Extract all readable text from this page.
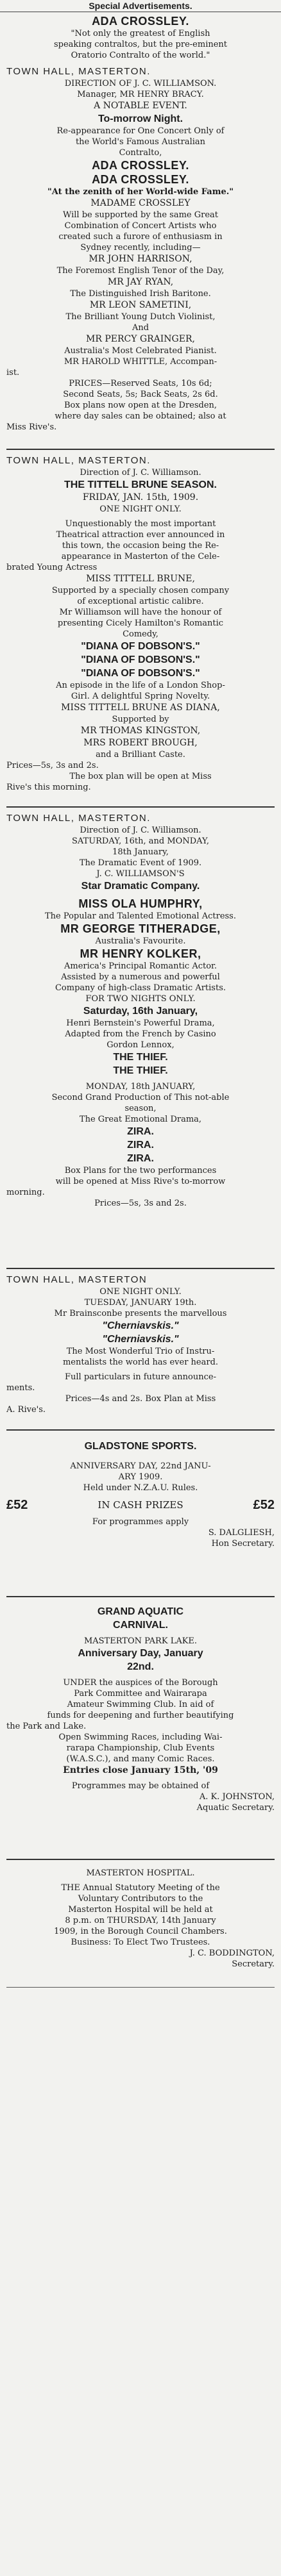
Special Advertisements.

ADA CROSSLEY.

"Not only the greatest of English

speaking contraltos, but the pre-eminent

Oratorio Contralto of the world."

TOWN HALL, MASTERTON.

DIRECTION OF J. C. WILLIAMSON.

Manager, MR HENRY BRACY.

A NOTABLE EVENT.

To-morrow Night.

Re-appearance for One Concert Only of

the World's Famous Australian

Contralto,

ADA CROSSLEY.

ADA CROSSLEY.

"At the zenith of her World-wide Fame."

MADAME CROSSLEY

Will be supported by the same Great

Combination of Concert Artists who

created such a furore of enthusiasm in

Sydney recently, including—

MR JOHN HARRISON,

The Foremost English Tenor of the Day,

MR JAY RYAN,

The Distinguished Irish Baritone.

MR LEON SAMETINI,

The Brilliant Young Dutch Violinist,

And

MR PERCY GRAINGER,

Australia's Most Celebrated Pianist.

MR HAROLD WHITTLE, Accompan-

ist.

PRICES—Reserved Seats, 10s 6d;

Second Seats, 5s; Back Seats, 2s 6d.

Box plans now open at the Dresden,

where day sales can be obtained; also at

Miss Rive's.

TOWN HALL, MASTERTON.

Direction of J. C. Williamson.

THE TITTELL BRUNE SEASON.

FRIDAY, JAN. 15th, 1909.

ONE NIGHT ONLY.

Unquestionably the most important

Theatrical attraction ever announced in

this town, the occasion being the Re-

appearance in Masterton of the Cele-

brated Young Actress

MISS TITTELL BRUNE,

Supported by a specially chosen company

of exceptional artistic calibre.

Mr Williamson will have the honour of

presenting Cicely Hamilton's Romantic

Comedy,

"DIANA OF DOBSON'S."

"DIANA OF DOBSON'S."

"DIANA OF DOBSON'S."

An episode in the life of a London Shop-

Girl. A delightful Spring Novelty.

MISS TITTELL BRUNE AS DIANA,

Supported by

MR THOMAS KINGSTON,

MRS ROBERT BROUGH,

and a Brilliant Caste.

Prices—5s, 3s and 2s.

The box plan will be open at Miss

Rive's this morning.

TOWN HALL, MASTERTON.

Direction of J. C. Williamson.

SATURDAY, 16th, and MONDAY,

18th January,

The Dramatic Event of 1909.

J. C. WILLIAMSON'S

Star Dramatic Company.

MISS OLA HUMPHRY,

The Popular and Talented Emotional Actress.

MR GEORGE TITHERADGE,

Australia's Favourite.

MR HENRY KOLKER,

America's Principal Romantic Actor.

Assisted by a numerous and powerful

Company of high-class Dramatic Artists.

FOR TWO NIGHTS ONLY.

Saturday, 16th January,

Henri Bernstein's Powerful Drama,

Adapted from the French by Casino

Gordon Lennox,

THE THIEF.

THE THIEF.

MONDAY, 18th JANUARY,

Second Grand Production of This not-able

season,

The Great Emotional Drama,

ZIRA.

ZIRA.

ZIRA.

Box Plans for the two performances

will be opened at Miss Rive's to-morrow

morning.

Prices—5s, 3s and 2s.

TOWN HALL, MASTERTON

ONE NIGHT ONLY.

TUESDAY, JANUARY 19th.

Mr Brainsconbe presents the marvellous

"Cherniavskis."

"Cherniavskis."

The Most Wonderful Trio of Instru-

mentalists the world has ever heard.

Full particulars in future announce-

ments.

Prices—4s and 2s. Box Plan at Miss

A. Rive's.

GLADSTONE SPORTS.

ANNIVERSARY DAY, 22nd JANU-

ARY 1909.

Held under N.Z.A.U. Rules.

£52	IN CASH PRIZES	£52

For programmes apply

S. DALGLIESH,

Hon Secretary.

GRAND AQUATIC

CARNIVAL.

MASTERTON PARK LAKE.

Anniversary Day, January

22nd.

UNDER the auspices of the Borough

Park Committee and Wairarapa

Amateur Swimming Club. In aid of

funds for deepening and further beautifying

the Park and Lake.

Open Swimming Races, including Wai-

rarapa Championship, Club Events

(W.A.S.C.), and many Comic Races.

Entries close January 15th, '09

Programmes may be obtained of

A. K. JOHNSTON,

Aquatic Secretary.

MASTERTON HOSPITAL.

THE Annual Statutory Meeting of the

Voluntary Contributors to the

Masterton Hospital will be held at

8 p.m. on THURSDAY, 14th January

1909, in the Borough Council Chambers.

Business: To Elect Two Trustees.

J. C. BODDINGTON,

Secretary.
